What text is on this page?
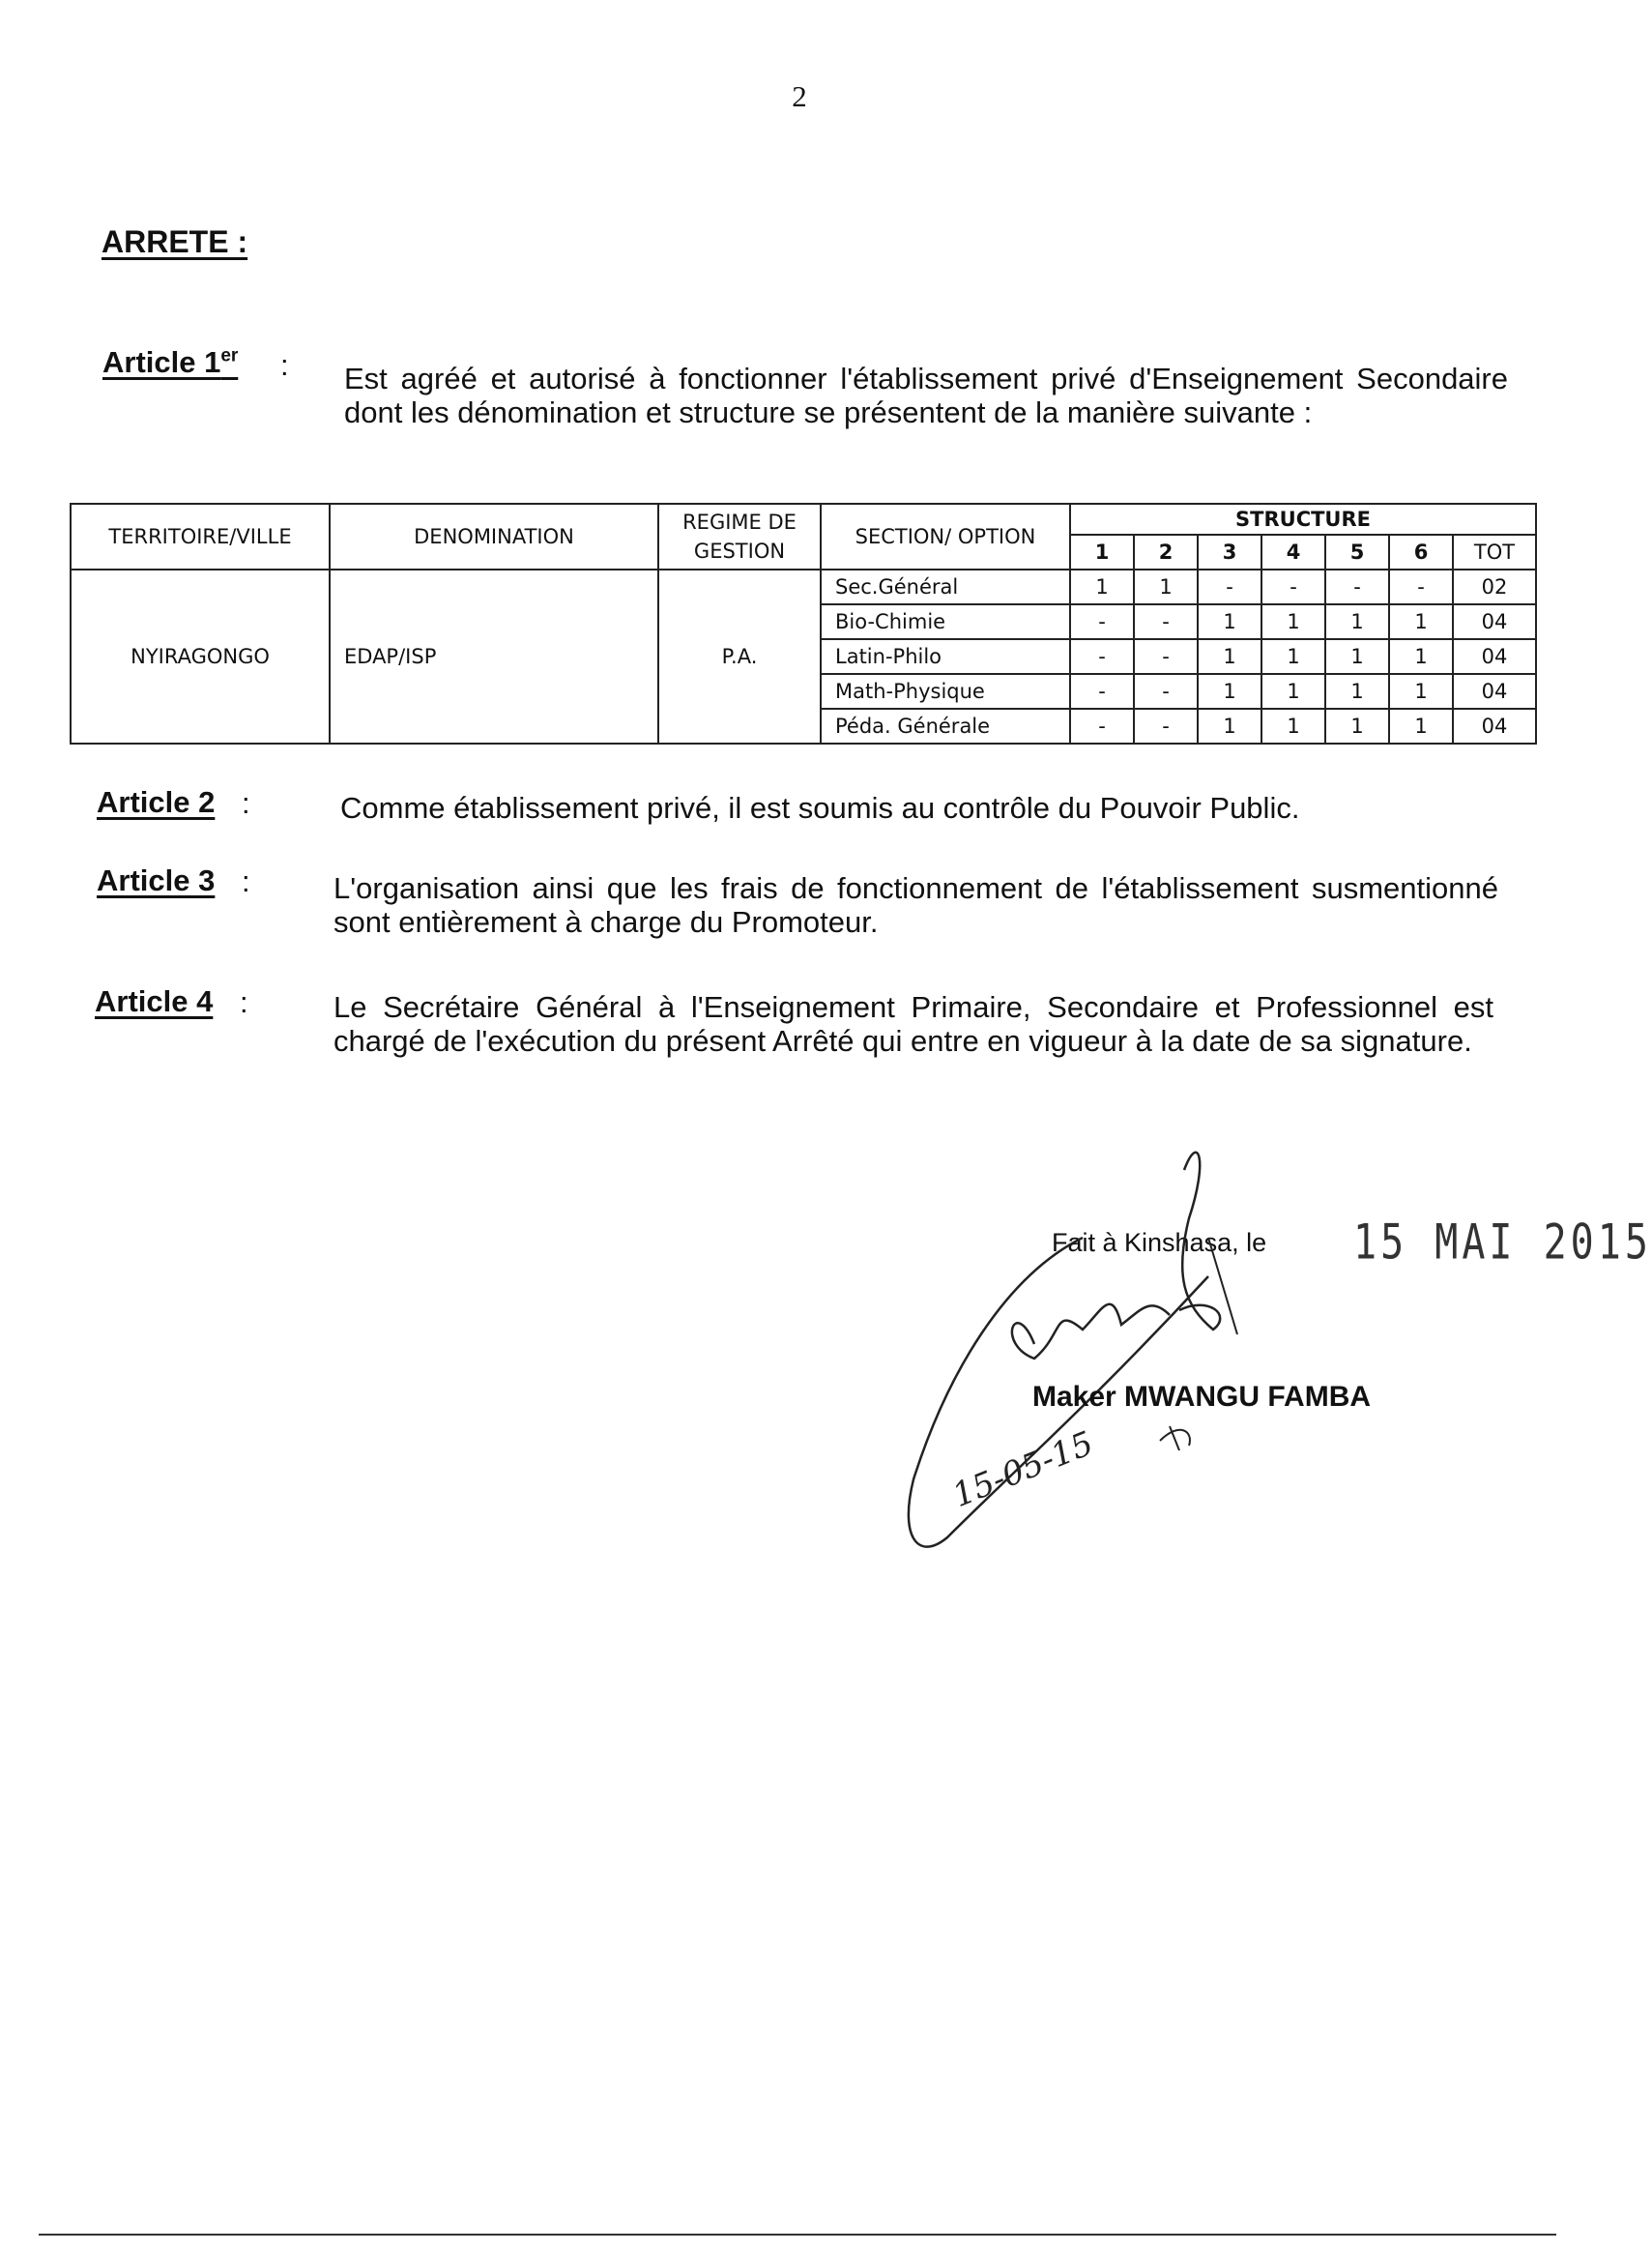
2
ARRETE :
Article 1er : Est agréé et autorisé à fonctionner l'établissement privé d'Enseignement Secondaire dont les dénomination et structure se présentent de la manière suivante :
TERRITOIRE/VILLE	DENOMINATION	REGIME DE GESTION	SECTION/ OPTION	STRUCTURE						
				1	2	3	4	5	6	TOT
NYIRAGONGO	EDAP/ISP	P.A.	Sec.Général	1	1	-	-	-	-	02
			Bio-Chimie	-	-	1	1	1	1	04
			Latin-Philo	-	-	1	1	1	1	04
			Math-Physique	-	-	1	1	1	1	04
			Péda. Générale	-	-	1	1	1	1	04
Article 2 :	Comme établissement privé, il est soumis au contrôle du Pouvoir Public.
Article 3 :	L'organisation ainsi que les frais de fonctionnement de l'établissement susmentionné sont entièrement à charge du Promoteur.
Article 4 :	Le Secrétaire Général à l'Enseignement Primaire, Secondaire et Professionnel est chargé de l'exécution du présent Arrêté qui entre en vigueur à la date de sa signature.
Fait à Kinshasa, le 15 MAI 2015
Maker MWANGU FAMBA
15-05-15
